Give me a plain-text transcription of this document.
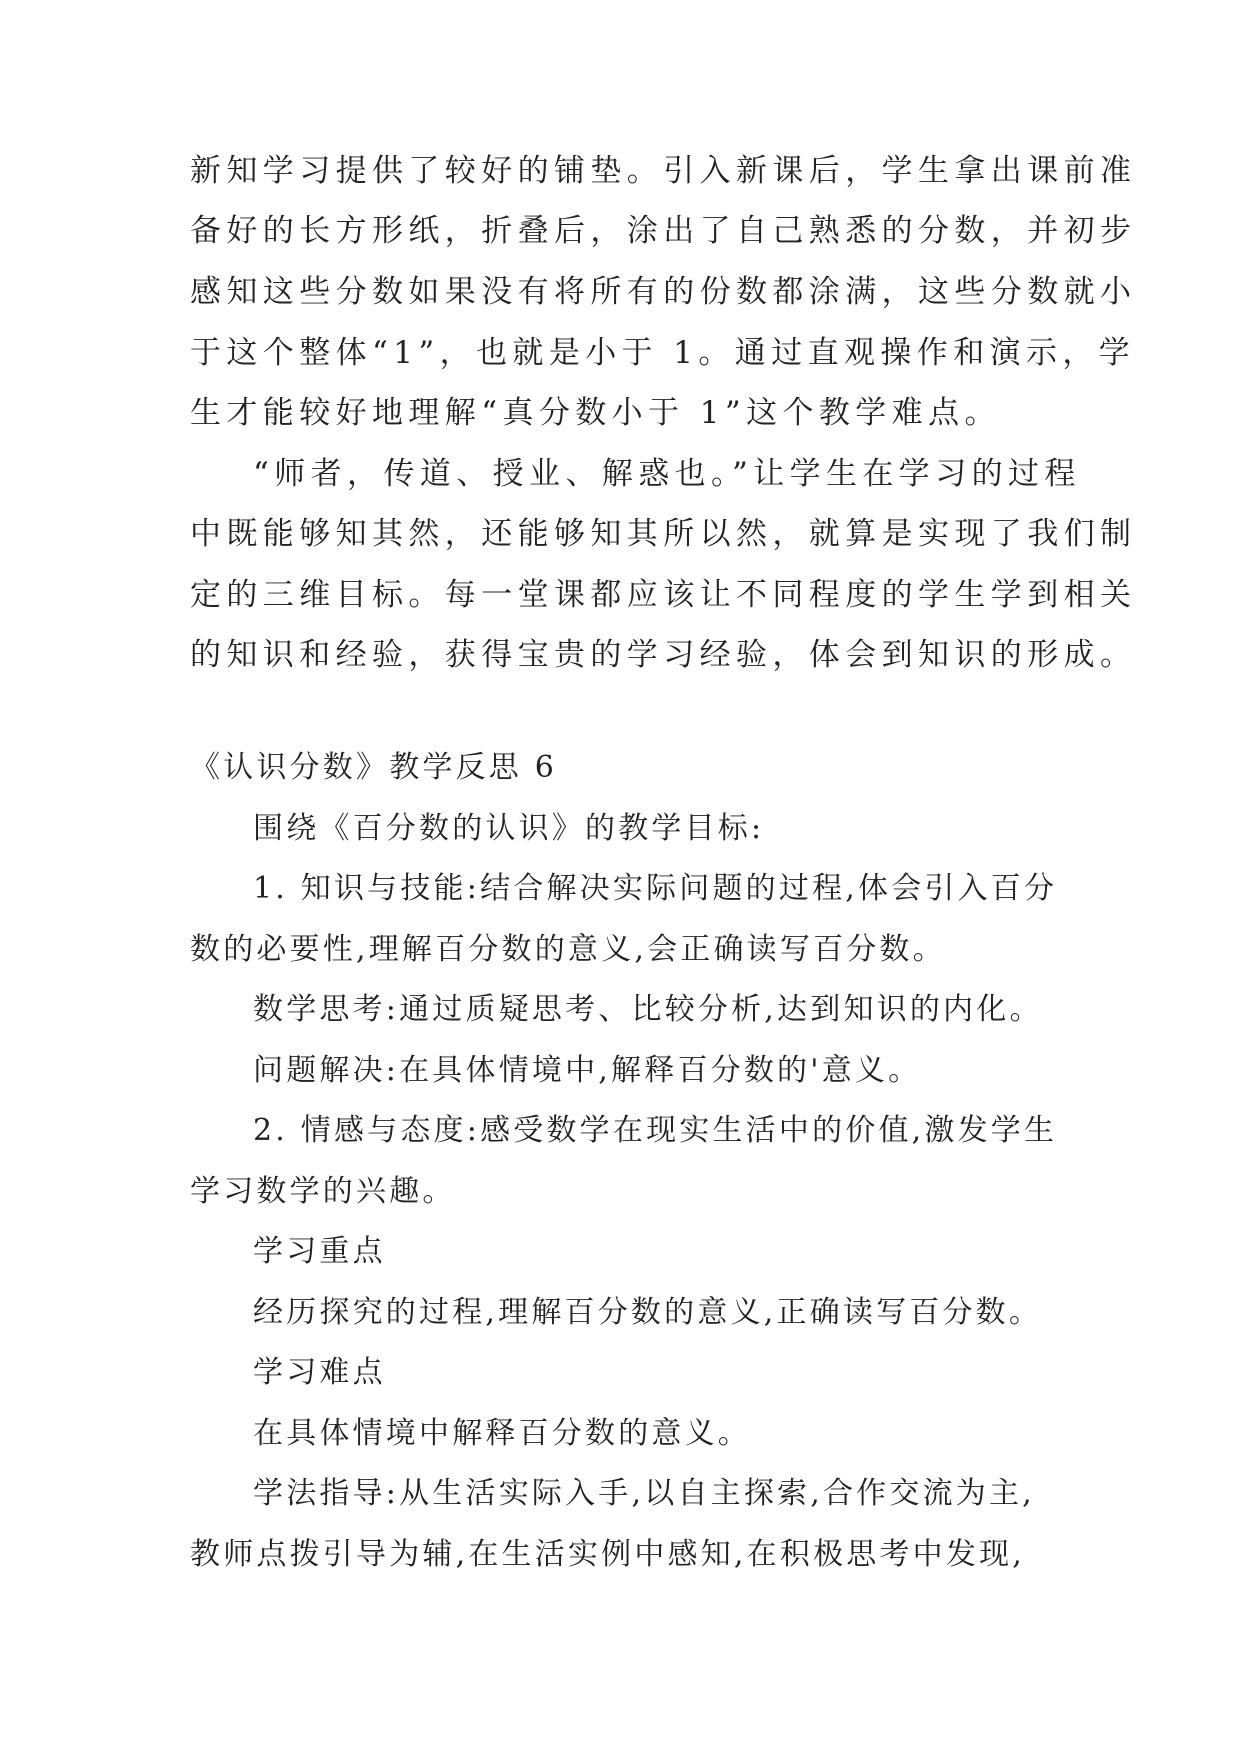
新知学习提供了较好的铺垫。引入新课后，学生拿出课前准
备好的长方形纸，折叠后，涂出了自己熟悉的分数，并初步
感知这些分数如果没有将所有的份数都涂满，这些分数就小
于这个整体“1”，也就是小于 1。通过直观操作和演示，学
生才能较好地理解“真分数小于 1”这个教学难点。
“师者，传道、授业、解惑也。”让学生在学习的过程
中既能够知其然，还能够知其所以然，就算是实现了我们制
定的三维目标。每一堂课都应该让不同程度的学生学到相关
的知识和经验，获得宝贵的学习经验，体会到知识的形成。
《认识分数》教学反思 6
围绕《百分数的认识》的教学目标:
1. 知识与技能:结合解决实际问题的过程,体会引入百分
数的必要性,理解百分数的意义,会正确读写百分数。
数学思考:通过质疑思考、比较分析,达到知识的内化。
问题解决:在具体情境中,解释百分数的'意义。
2. 情感与态度:感受数学在现实生活中的价值,激发学生
学习数学的兴趣。
学习重点
经历探究的过程,理解百分数的意义,正确读写百分数。
学习难点
在具体情境中解释百分数的意义。
学法指导:从生活实际入手,以自主探索,合作交流为主,
教师点拨引导为辅,在生活实例中感知,在积极思考中发现,
